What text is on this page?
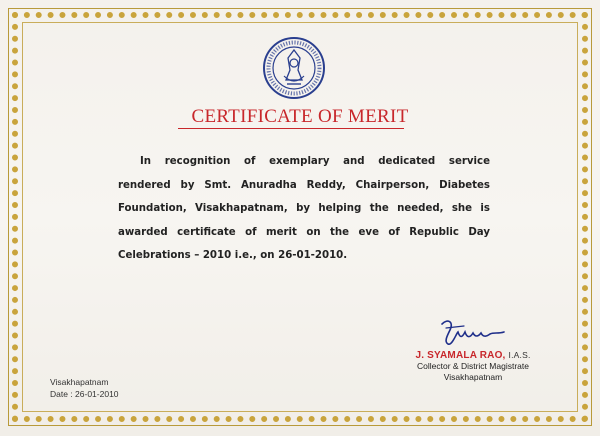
CERTIFICATE OF MERIT
In recognition of exemplary and dedicated service
rendered by Smt. Anuradha Reddy, Chairperson, Diabetes
Foundation, Visakhapatnam, by helping the needed, she is
awarded certificate of merit on the eve of Republic Day
Celebrations – 2010 i.e., on 26-01-2010.
J. SYAMALA RAO, I.A.S.
Collector & District Magistrate
Visakhapatnam
Visakhapatnam
Date : 26-01-2010
